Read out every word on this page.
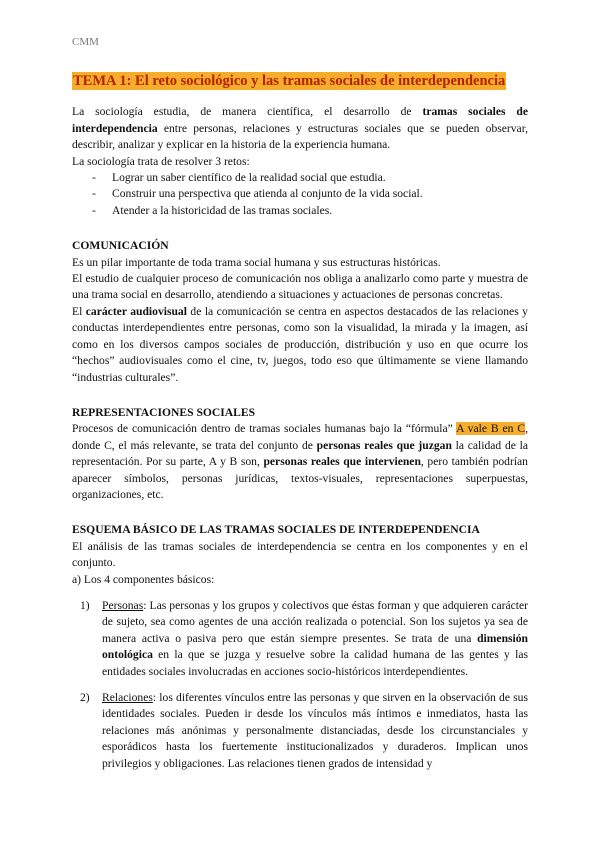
CMM
TEMA 1: El reto sociológico y las tramas sociales de interdependencia

La sociología estudia, de manera científica, el desarrollo de tramas sociales de interdependencia entre personas, relaciones y estructuras sociales que se pueden observar, describir, analizar y explicar en la historia de la experiencia humana.

La sociología trata de resolver 3 retos:

- Lograr un saber científico de la realidad social que estudia.
- Construir una perspectiva que atienda al conjunto de la vida social.
- Atender a la historicidad de las tramas sociales.

COMUNICACIÓN

Es un pilar importante de toda trama social humana y sus estructuras históricas.

El estudio de cualquier proceso de comunicación nos obliga a analizarlo como parte y muestra de una trama social en desarrollo, atendiendo a situaciones y actuaciones de personas concretas.

El carácter audiovisual de la comunicación se centra en aspectos destacados de las relaciones y conductas interdependientes entre personas, como son la visualidad, la mirada y la imagen, así como en los diversos campos sociales de producción, distribución y uso en que ocurre los “hechos” audiovisuales como el cine, tv, juegos, todo eso que últimamente se viene llamando “industrias culturales”.

REPRESENTACIONES SOCIALES

Procesos de comunicación dentro de tramas sociales humanas bajo la “fórmula” A vale B en C, donde C, el más relevante, se trata del conjunto de personas reales que juzgan la calidad de la representación. Por su parte, A y B son, personas reales que intervienen, pero también podrían aparecer símbolos, personas jurídicas, textos-visuales, representaciones superpuestas, organizaciones, etc.

ESQUEMA BÁSICO DE LAS TRAMAS SOCIALES DE INTERDEPENDENCIA

El análisis de las tramas sociales de interdependencia se centra en los componentes y en el conjunto.

a) Los 4 componentes básicos:

1) Personas: Las personas y los grupos y colectivos que éstas forman y que adquieren carácter de sujeto, sea como agentes de una acción realizada o potencial. Son los sujetos ya sea de manera activa o pasiva pero que están siempre presentes. Se trata de una dimensión ontológica en la que se juzga y resuelve sobre la calidad humana de las gentes y las entidades sociales involucradas en acciones socio-históricos interdependientes.
2) Relaciones: los diferentes vínculos entre las personas y que sirven en la observación de sus identidades sociales. Pueden ir desde los vínculos más íntimos e inmediatos, hasta las relaciones más anónimas y personalmente distanciadas, desde los circunstanciales y esporádicos hasta los fuertemente institucionalizados y duraderos. Implican unos privilegios y obligaciones. Las relaciones tienen grados de intensidad y
